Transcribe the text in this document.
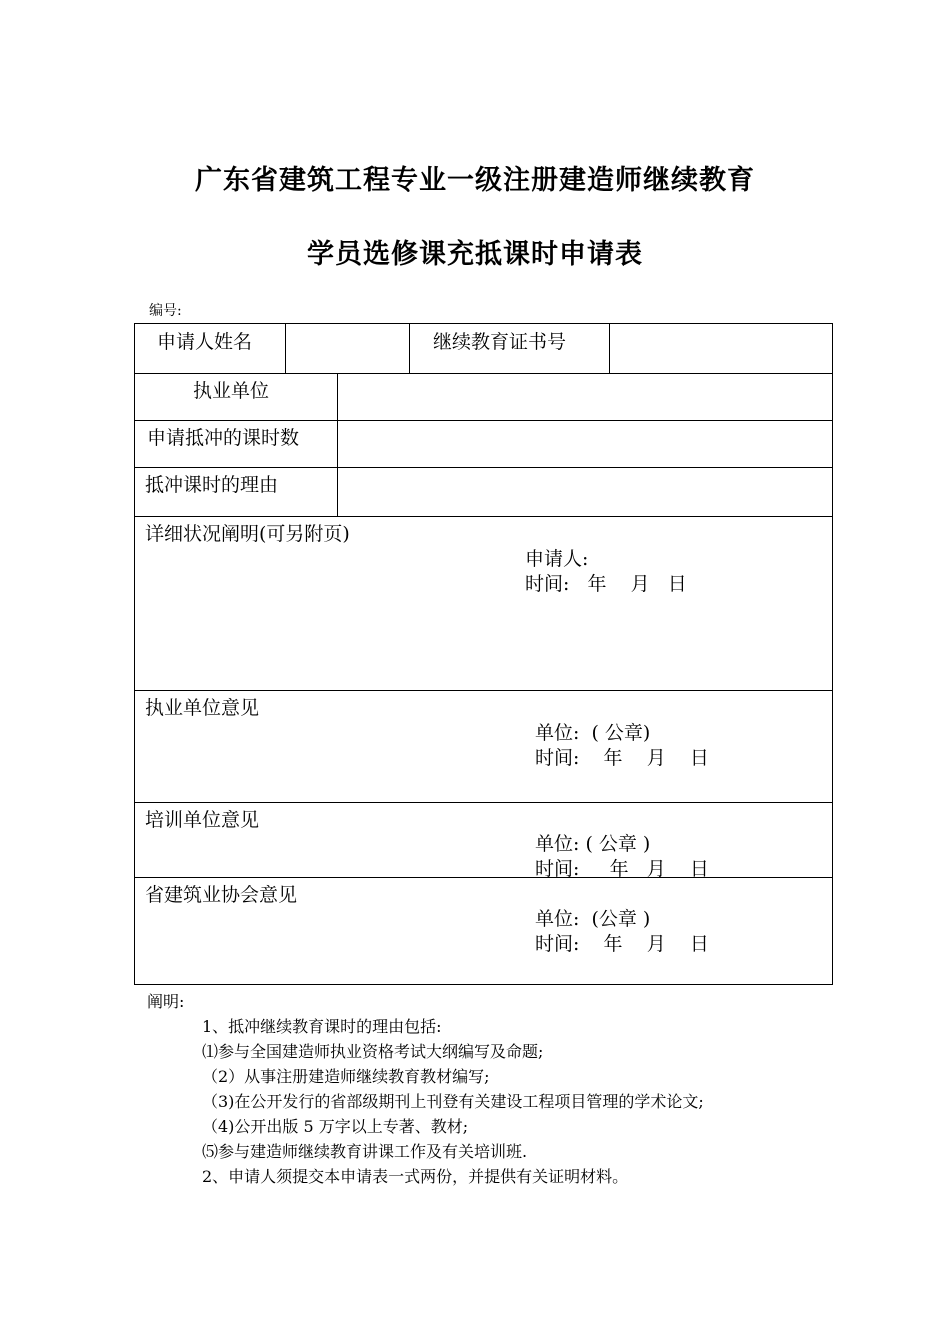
广东省建筑工程专业一级注册建造师继续教育
学员选修课充抵课时申请表
编号:
申请人姓名	继续教育证书号
执业单位
申请抵冲的课时数
抵冲课时的理由
详细状况阐明(可另附页)
申请人:
时间:   年    月   日
执业单位意见
单位:  ( 公章)
时间:    年    月    日
培训单位意见
单位: ( 公章 )
时间:     年   月    日
省建筑业协会意见
单位:  (公章 )
时间:    年    月    日
阐明:
1、抵冲继续教育课时的理由包括:
⑴参与全国建造师执业资格考试大纲编写及命题;
（2）从事注册建造师继续教育教材编写;
（3)在公开发行的省部级期刊上刊登有关建设工程项目管理的学术论文;
（4)公开出版 5 万字以上专著、教材;
⑸参与建造师继续教育讲课工作及有关培训班.
2、申请人须提交本申请表一式两份，并提供有关证明材料。
